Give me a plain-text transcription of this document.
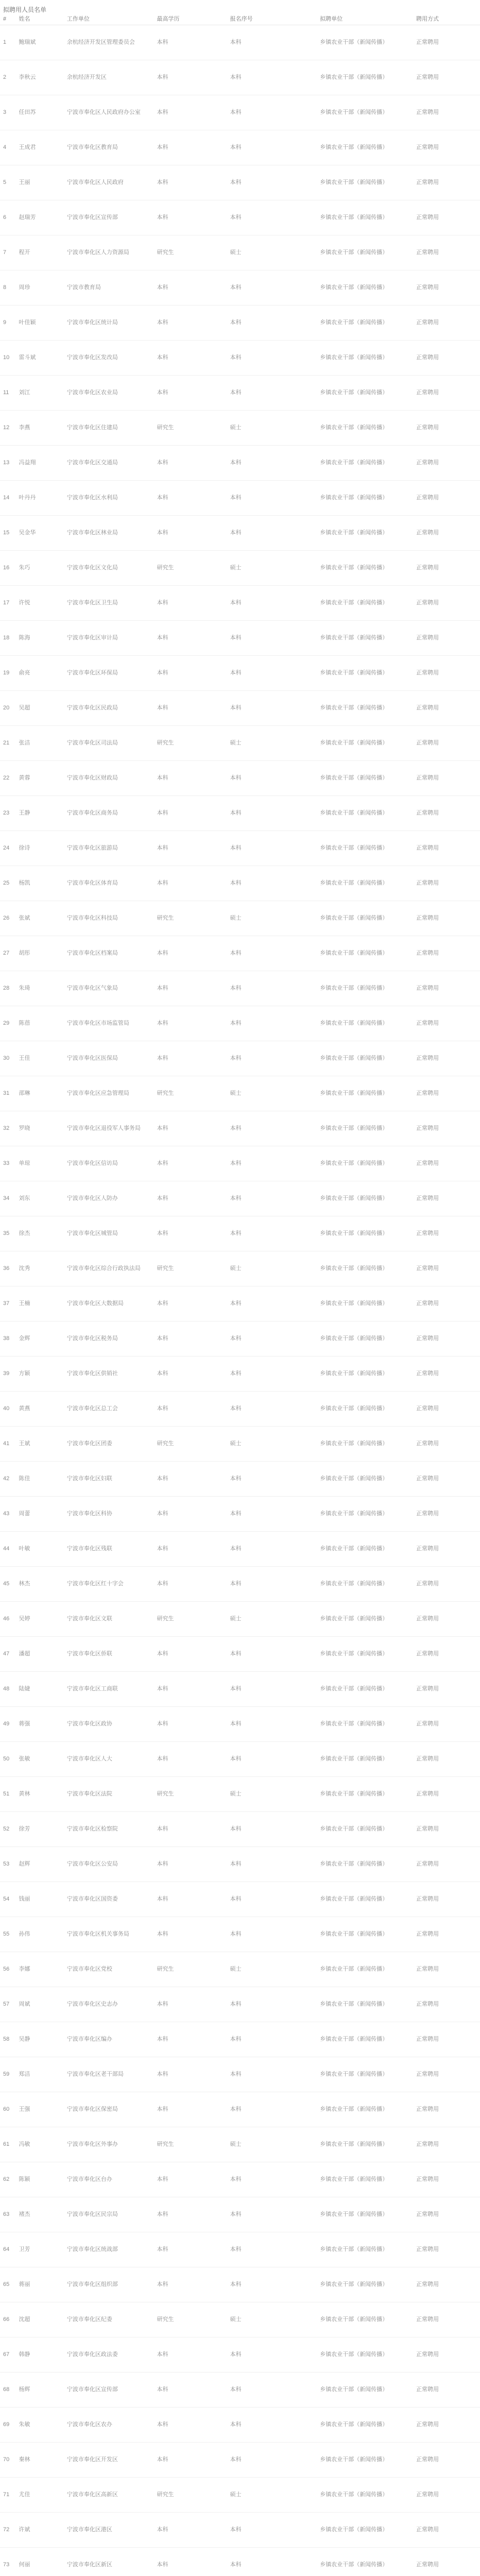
拟聘用人员名单
#	姓名	工作单位	最高学历	报名序号	拟聘单位	聘用方式
1	鲍瑞斌	余杭经济开发区管理委员会	本科	本科	乡镇农业干部（新闻传播）	正常聘用
2	李秋云	余杭经济开发区	本科	本科	乡镇农业干部（新闻传播）	正常聘用
3	任田苏	宁波市奉化区人民政府办公室	本科	本科	乡镇农业干部（新闻传播）	正常聘用
4	王成君	宁波市奉化区教育局	本科	本科	乡镇农业干部（新闻传播）	正常聘用
5	王丽	宁波市奉化区人民政府	本科	本科	乡镇农业干部（新闻传播）	正常聘用
6	赵瑞芳	宁波市奉化区宣传部	本科	本科	乡镇农业干部（新闻传播）	正常聘用
7	程开	宁波市奉化区人力资源局	研究生	硕士	乡镇农业干部（新闻传播）	正常聘用
8	周珍	宁波市教育局	本科	本科	乡镇农业干部（新闻传播）	正常聘用
9	叶佳颖	宁波市奉化区统计局	本科	本科	乡镇农业干部（新闻传播）	正常聘用
10	雷斗斌	宁波市奉化区发改局	本科	本科	乡镇农业干部（新闻传播）	正常聘用
11	刘江	宁波市奉化区农业局	本科	本科	乡镇农业干部（新闻传播）	正常聘用
12	李燕	宁波市奉化区住建局	研究生	硕士	乡镇农业干部（新闻传播）	正常聘用
13	冯益翔	宁波市奉化区交通局	本科	本科	乡镇农业干部（新闻传播）	正常聘用
14	叶丹丹	宁波市奉化区水利局	本科	本科	乡镇农业干部（新闻传播）	正常聘用
15	吴金华	宁波市奉化区林业局	本科	本科	乡镇农业干部（新闻传播）	正常聘用
16	朱巧	宁波市奉化区文化局	研究生	硕士	乡镇农业干部（新闻传播）	正常聘用
17	许悦	宁波市奉化区卫生局	本科	本科	乡镇农业干部（新闻传播）	正常聘用
18	陈海	宁波市奉化区审计局	本科	本科	乡镇农业干部（新闻传播）	正常聘用
19	俞亮	宁波市奉化区环保局	本科	本科	乡镇农业干部（新闻传播）	正常聘用
20	吴超	宁波市奉化区民政局	本科	本科	乡镇农业干部（新闻传播）	正常聘用
21	张洁	宁波市奉化区司法局	研究生	硕士	乡镇农业干部（新闻传播）	正常聘用
22	黄蓉	宁波市奉化区财政局	本科	本科	乡镇农业干部（新闻传播）	正常聘用
23	王静	宁波市奉化区商务局	本科	本科	乡镇农业干部（新闻传播）	正常聘用
24	徐诗	宁波市奉化区旅游局	本科	本科	乡镇农业干部（新闻传播）	正常聘用
25	杨凯	宁波市奉化区体育局	本科	本科	乡镇农业干部（新闻传播）	正常聘用
26	张斌	宁波市奉化区科技局	研究生	硕士	乡镇农业干部（新闻传播）	正常聘用
27	胡彤	宁波市奉化区档案局	本科	本科	乡镇农业干部（新闻传播）	正常聘用
28	朱琦	宁波市奉化区气象局	本科	本科	乡镇农业干部（新闻传播）	正常聘用
29	陈蓓	宁波市奉化区市场监管局	本科	本科	乡镇农业干部（新闻传播）	正常聘用
30	王佳	宁波市奉化区医保局	本科	本科	乡镇农业干部（新闻传播）	正常聘用
31	邵琳	宁波市奉化区应急管理局	研究生	硕士	乡镇农业干部（新闻传播）	正常聘用
32	罗晓	宁波市奉化区退役军人事务局	本科	本科	乡镇农业干部（新闻传播）	正常聘用
33	单琼	宁波市奉化区信访局	本科	本科	乡镇农业干部（新闻传播）	正常聘用
34	刘东	宁波市奉化区人防办	本科	本科	乡镇农业干部（新闻传播）	正常聘用
35	徐杰	宁波市奉化区城管局	本科	本科	乡镇农业干部（新闻传播）	正常聘用
36	沈秀	宁波市奉化区综合行政执法局	研究生	硕士	乡镇农业干部（新闻传播）	正常聘用
37	王楠	宁波市奉化区大数据局	本科	本科	乡镇农业干部（新闻传播）	正常聘用
38	金辉	宁波市奉化区税务局	本科	本科	乡镇农业干部（新闻传播）	正常聘用
39	方颖	宁波市奉化区供销社	本科	本科	乡镇农业干部（新闻传播）	正常聘用
40	黄燕	宁波市奉化区总工会	本科	本科	乡镇农业干部（新闻传播）	正常聘用
41	王斌	宁波市奉化区团委	研究生	硕士	乡镇农业干部（新闻传播）	正常聘用
42	陈佳	宁波市奉化区妇联	本科	本科	乡镇农业干部（新闻传播）	正常聘用
43	周蕾	宁波市奉化区科协	本科	本科	乡镇农业干部（新闻传播）	正常聘用
44	叶敏	宁波市奉化区残联	本科	本科	乡镇农业干部（新闻传播）	正常聘用
45	林杰	宁波市奉化区红十字会	本科	本科	乡镇农业干部（新闻传播）	正常聘用
46	吴婷	宁波市奉化区文联	研究生	硕士	乡镇农业干部（新闻传播）	正常聘用
47	潘超	宁波市奉化区侨联	本科	本科	乡镇农业干部（新闻传播）	正常聘用
48	陆婕	宁波市奉化区工商联	本科	本科	乡镇农业干部（新闻传播）	正常聘用
49	蒋强	宁波市奉化区政协	本科	本科	乡镇农业干部（新闻传播）	正常聘用
50	张敏	宁波市奉化区人大	本科	本科	乡镇农业干部（新闻传播）	正常聘用
51	黄林	宁波市奉化区法院	研究生	硕士	乡镇农业干部（新闻传播）	正常聘用
52	徐芳	宁波市奉化区检察院	本科	本科	乡镇农业干部（新闻传播）	正常聘用
53	赵辉	宁波市奉化区公安局	本科	本科	乡镇农业干部（新闻传播）	正常聘用
54	钱丽	宁波市奉化区国资委	本科	本科	乡镇农业干部（新闻传播）	正常聘用
55	孙伟	宁波市奉化区机关事务局	本科	本科	乡镇农业干部（新闻传播）	正常聘用
56	李娜	宁波市奉化区党校	研究生	硕士	乡镇农业干部（新闻传播）	正常聘用
57	周斌	宁波市奉化区史志办	本科	本科	乡镇农业干部（新闻传播）	正常聘用
58	吴静	宁波市奉化区编办	本科	本科	乡镇农业干部（新闻传播）	正常聘用
59	郑洁	宁波市奉化区老干部局	本科	本科	乡镇农业干部（新闻传播）	正常聘用
60	王强	宁波市奉化区保密局	本科	本科	乡镇农业干部（新闻传播）	正常聘用
61	冯敏	宁波市奉化区外事办	研究生	硕士	乡镇农业干部（新闻传播）	正常聘用
62	陈颖	宁波市奉化区台办	本科	本科	乡镇农业干部（新闻传播）	正常聘用
63	褚杰	宁波市奉化区民宗局	本科	本科	乡镇农业干部（新闻传播）	正常聘用
64	卫芳	宁波市奉化区统战部	本科	本科	乡镇农业干部（新闻传播）	正常聘用
65	蒋丽	宁波市奉化区组织部	本科	本科	乡镇农业干部（新闻传播）	正常聘用
66	沈超	宁波市奉化区纪委	研究生	硕士	乡镇农业干部（新闻传播）	正常聘用
67	韩静	宁波市奉化区政法委	本科	本科	乡镇农业干部（新闻传播）	正常聘用
68	杨辉	宁波市奉化区宣传部	本科	本科	乡镇农业干部（新闻传播）	正常聘用
69	朱敏	宁波市奉化区农办	本科	本科	乡镇农业干部（新闻传播）	正常聘用
70	秦林	宁波市奉化区开发区	本科	本科	乡镇农业干部（新闻传播）	正常聘用
71	尤佳	宁波市奉化区高新区	研究生	硕士	乡镇农业干部（新闻传播）	正常聘用
72	许斌	宁波市奉化区港区	本科	本科	乡镇农业干部（新闻传播）	正常聘用
73	何丽	宁波市奉化区新区	本科	本科	乡镇农业干部（新闻传播）	正常聘用
